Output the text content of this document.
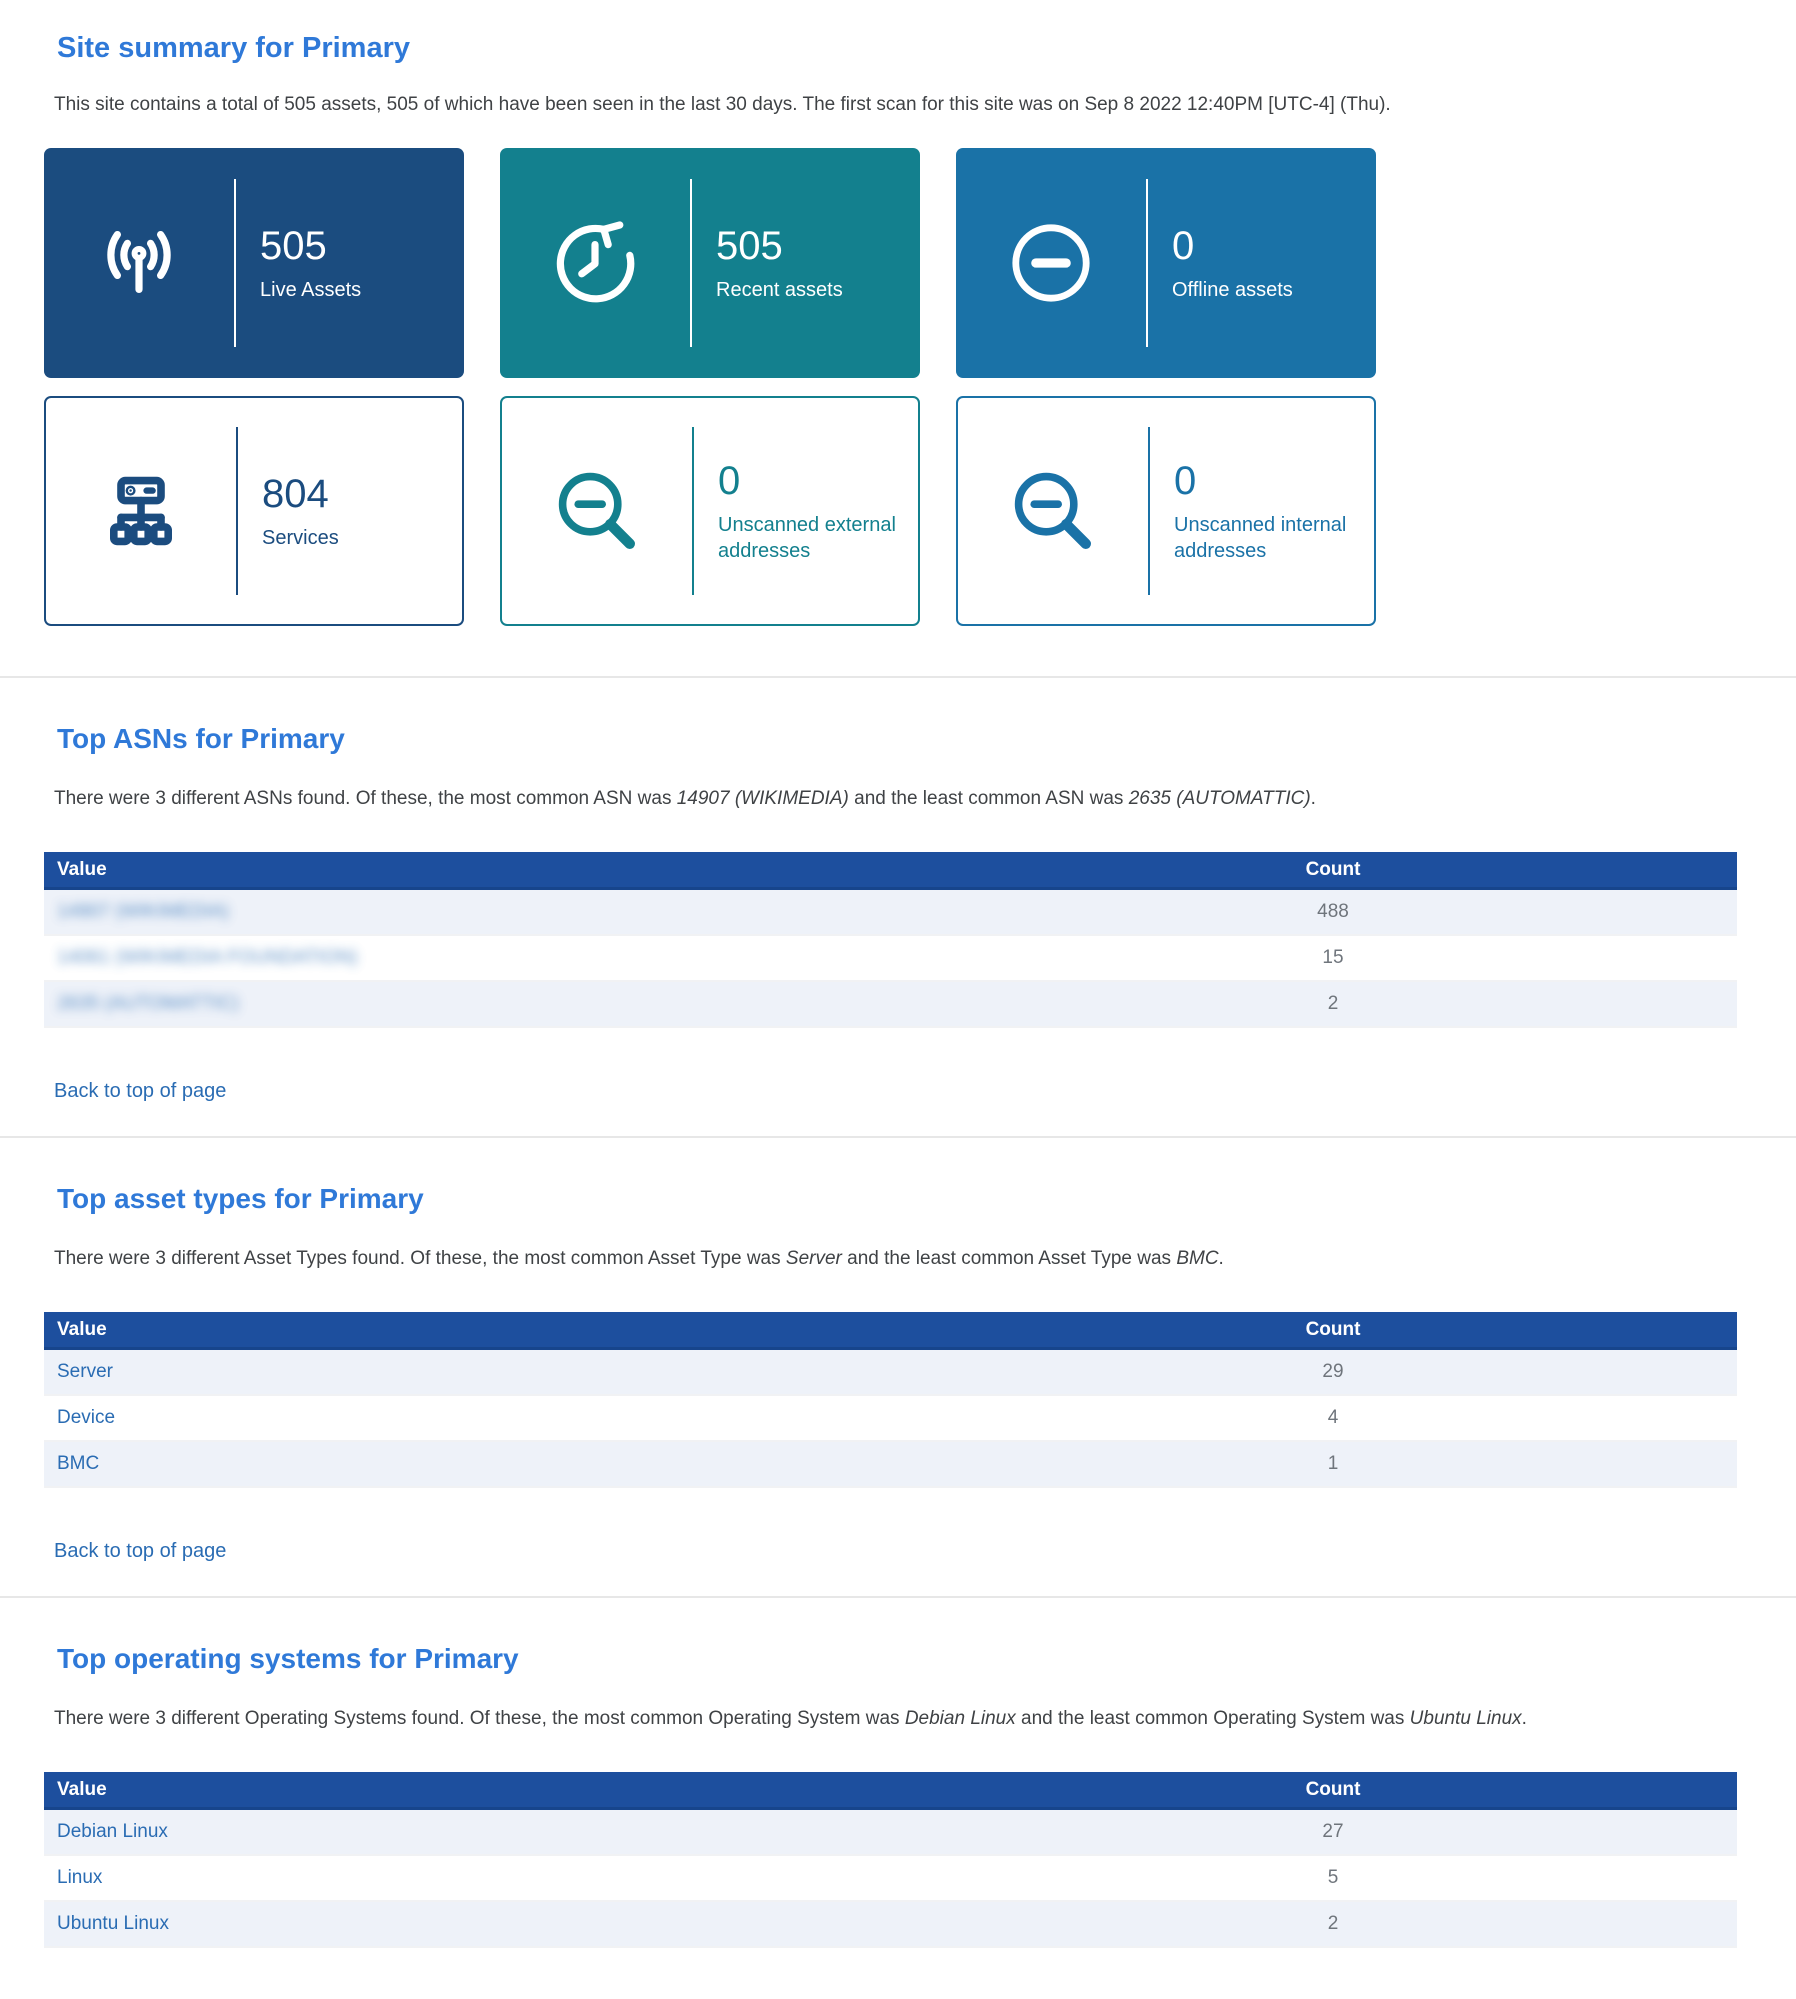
Site summary for Primary

This site contains a total of 505 assets, 505 of which have been seen in the last 30 days. The first scan for this site was on Sep 8 2022 12:40PM [UTC-4] (Thu).

505
Live Assets
505
Recent assets
0
Offline assets
804
Services
0
Unscanned external addresses
0
Unscanned internal addresses
Top ASNs for Primary

There were 3 different ASNs found. Of these, the most common ASN was 14907 (WIKIMEDIA) and the least common ASN was 2635 (AUTOMATTIC).

Value	Count
14907 (WIKIMEDIA)	488
14061 (WIKIMEDIA FOUNDATION)	15
2635 (AUTOMATTIC)	2
Back to top of page
Top asset types for Primary

There were 3 different Asset Types found. Of these, the most common Asset Type was Server and the least common Asset Type was BMC.

Value	Count
Server	29
Device	4
BMC	1
Back to top of page
Top operating systems for Primary

There were 3 different Operating Systems found. Of these, the most common Operating System was Debian Linux and the least common Operating System was Ubuntu Linux.

Value	Count
Debian Linux	27
Linux	5
Ubuntu Linux	2
